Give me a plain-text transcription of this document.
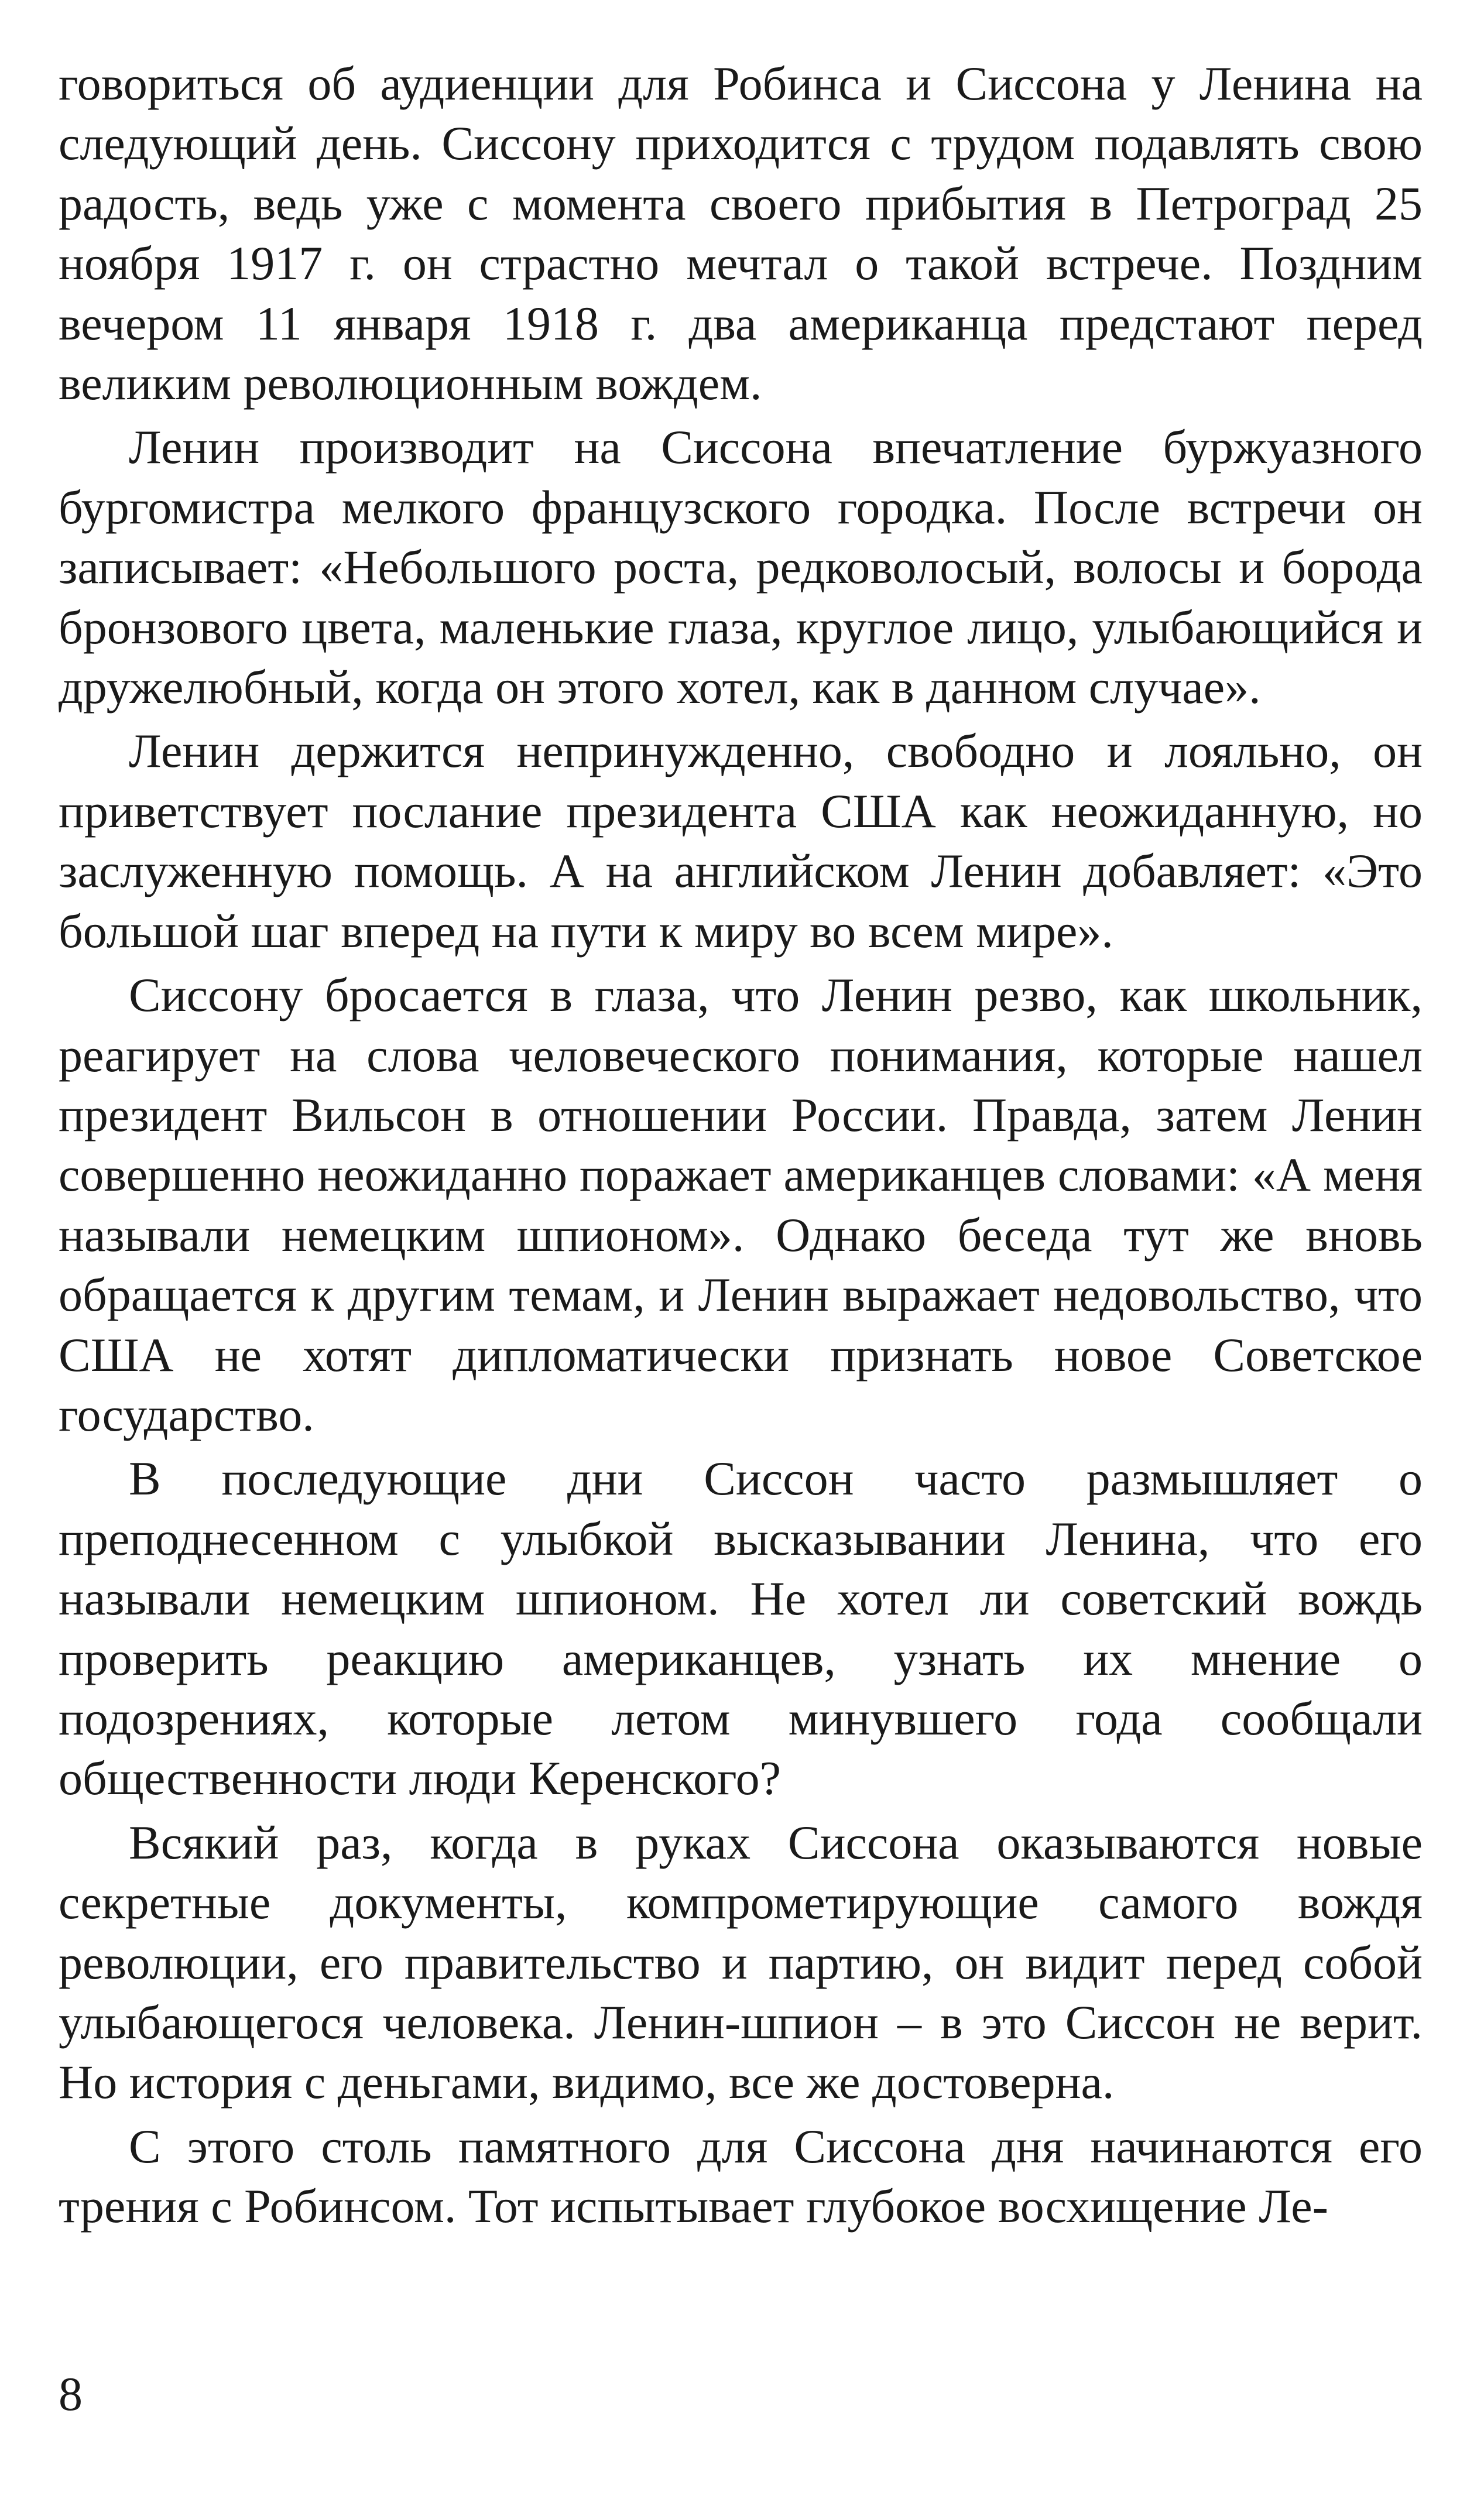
говориться об аудиенции для Робинса и Сиссона у Ленина на следующий день. Сиссону приходится с трудом подавлять свою радость, ведь уже с момента своего прибытия в Петроград 25 ноября 1917 г. он страстно мечтал о такой встрече. Поздним вечером 11 января 1918 г. два американца предстают перед великим революционным вождем.

Ленин производит на Сиссона впечатление буржуазного бургомистра мелкого французского городка. После встречи он записывает: «Небольшого роста, редковолосый, волосы и борода бронзового цвета, маленькие глаза, круглое лицо, улыбающийся и дружелюбный, когда он этого хотел, как в данном случае».

Ленин держится непринужденно, свободно и лояльно, он приветствует послание президента США как неожиданную, но заслуженную помощь. А на английском Ленин добавляет: «Это большой шаг вперед на пути к миру во всем мире».

Сиссону бросается в глаза, что Ленин резво, как школьник, реагирует на слова человеческого понимания, которые нашел президент Вильсон в отношении России. Правда, затем Ленин совершенно неожиданно поражает американцев словами: «А меня называли немецким шпионом». Однако беседа тут же вновь обращается к другим темам, и Ленин выражает недовольство, что США не хотят дипломатически признать новое Советское государство.

В последующие дни Сиссон часто размышляет о преподнесенном с улыбкой высказывании Ленина, что его называли немецким шпионом. Не хотел ли советский вождь проверить реакцию американцев, узнать их мнение о подозрениях, которые летом минувшего года сообщали общественности люди Керенского?

Всякий раз, когда в руках Сиссона оказываются новые секретные документы, компрометирующие самого вождя революции, его правительство и партию, он видит перед собой улыбающегося человека. Ленин-шпион – в это Сиссон не верит. Но история с деньгами, видимо, все же достоверна.

С этого столь памятного для Сиссона дня начинаются его трения с Робинсом. Тот испытывает глубокое восхищение Ле-

8
